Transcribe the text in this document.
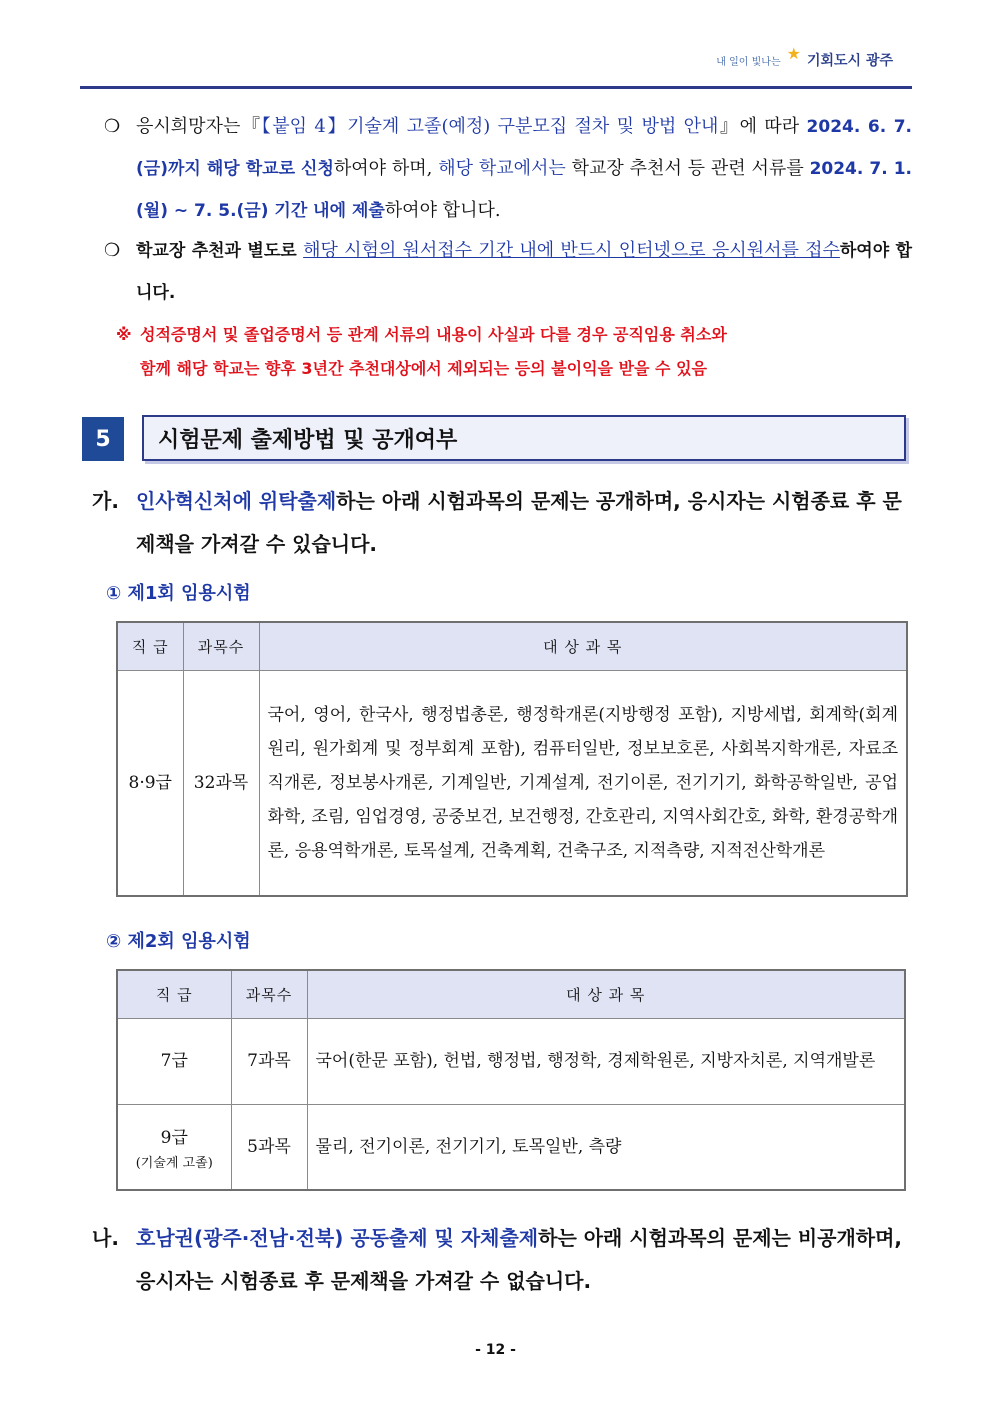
내 일이 빛나는 ★ 기회도시 광주
❍ 응시희망자는『【붙임 4】기술계 고졸(예정) 구분모집 절차 및 방법 안내』에 따라 2024. 6. 7.(금)까지 해당 학교로 신청하여야 하며, 해당 학교에서는 학교장 추천서 등 관련 서류를 2024. 7. 1.(월) ~ 7. 5.(금) 기간 내에 제출하여야 합니다.
❍ 학교장 추천과 별도로 해당 시험의 원서접수 기간 내에 반드시 인터넷으로 응시원서를 접수하여야 합니다.
※ 성적증명서 및 졸업증명서 등 관계 서류의 내용이 사실과 다를 경우 공직임용 취소와
함께 해당 학교는 향후 3년간 추천대상에서 제외되는 등의 불이익을 받을 수 있음
5	시험문제 출제방법 및 공개여부
가. 인사혁신처에 위탁출제하는 아래 시험과목의 문제는 공개하며, 응시자는 시험종료 후 문제책을 가져갈 수 있습니다.
① 제1회 임용시험
직 급	과목수	대 상 과 목
8·9급	32과목	국어, 영어, 한국사, 행정법총론, 행정학개론(지방행정 포함), 지방세법, 회계학(회계원리, 원가회계 및 정부회계 포함), 컴퓨터일반, 정보보호론, 사회복지학개론, 자료조직개론, 정보봉사개론, 기계일반, 기계설계, 전기이론, 전기기기, 화학공학일반, 공업화학, 조림, 임업경영, 공중보건, 보건행정, 간호관리, 지역사회간호, 화학, 환경공학개론, 응용역학개론, 토목설계, 건축계획, 건축구조, 지적측량, 지적전산학개론
② 제2회 임용시험
직 급	과목수	대 상 과 목
7급	7과목	국어(한문 포함), 헌법, 행정법, 행정학, 경제학원론, 지방자치론, 지역개발론
9급
(기술계 고졸)	5과목	물리, 전기이론, 전기기기, 토목일반, 측량
나. 호남권(광주·전남·전북) 공동출제 및 자체출제하는 아래 시험과목의 문제는 비공개하며, 응시자는 시험종료 후 문제책을 가져갈 수 없습니다.
- 12 -
